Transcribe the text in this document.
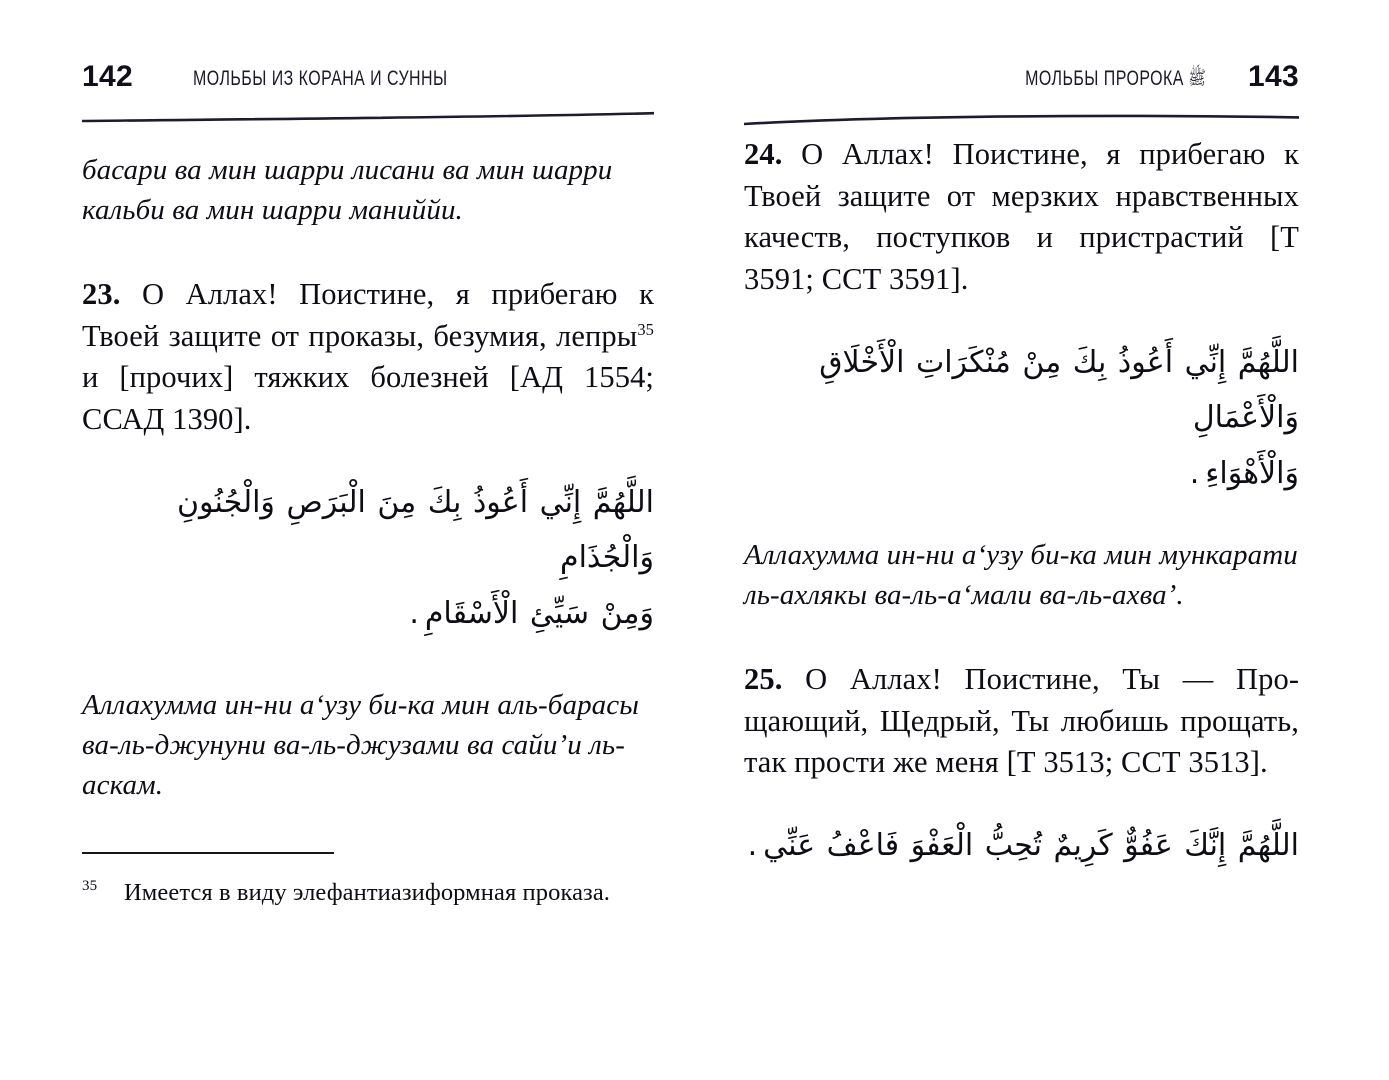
142	МОЛЬБЫ ИЗ КОРАНА И СУННЫ

басари ва мин шарри лисани ва мин шарри кальби ва мин шарри маниййи.

23. О Аллах! Поистине, я прибегаю к Твоей защите от проказы, безумия, лепры$^{35}$ и [прочих] тяжких болезней [АД 1554; ССАД 1390].

اللَّهُمَّ إِنِّي أَعُوذُ بِكَ مِنَ الْبَرَصِ وَالْجُنُونِ وَالْجُذَامِ
وَمِنْ سَيِّئِ الْأَسْقَامِ.

Аллахумма ин-ни а‘узу би-ка мин аль-барасы ва-ль-джунуни ва-ль-джузами ва сайи’и ль-аскам.

35	Имеется в виду элефантиазиформная проказа.
МОЛЬБЫ ПРОРОКА ﷺ 143

24. О Аллах! Поистине, я прибегаю к Твоей защите от мерзких нравственных качеств, поступков и пристрастий [Т 3591; ССТ 3591].

اللَّهُمَّ إِنِّي أَعُوذُ بِكَ مِنْ مُنْكَرَاتِ الْأَخْلَاقِ وَالْأَعْمَالِ
وَالْأَهْوَاءِ.

Аллахумма ин-ни а‘узу би-ка мин мункарати ль-ахлякы ва-ль-а‘мали ва-ль-ахва’.

25. О Аллах! Поистине, Ты — Прощающий, Щедрый, Ты любишь прощать, так прости же меня [Т 3513; ССТ 3513].

اللَّهُمَّ إِنَّكَ عَفُوٌّ كَرِيمٌ تُحِبُّ الْعَفْوَ فَاعْفُ عَنِّي.
